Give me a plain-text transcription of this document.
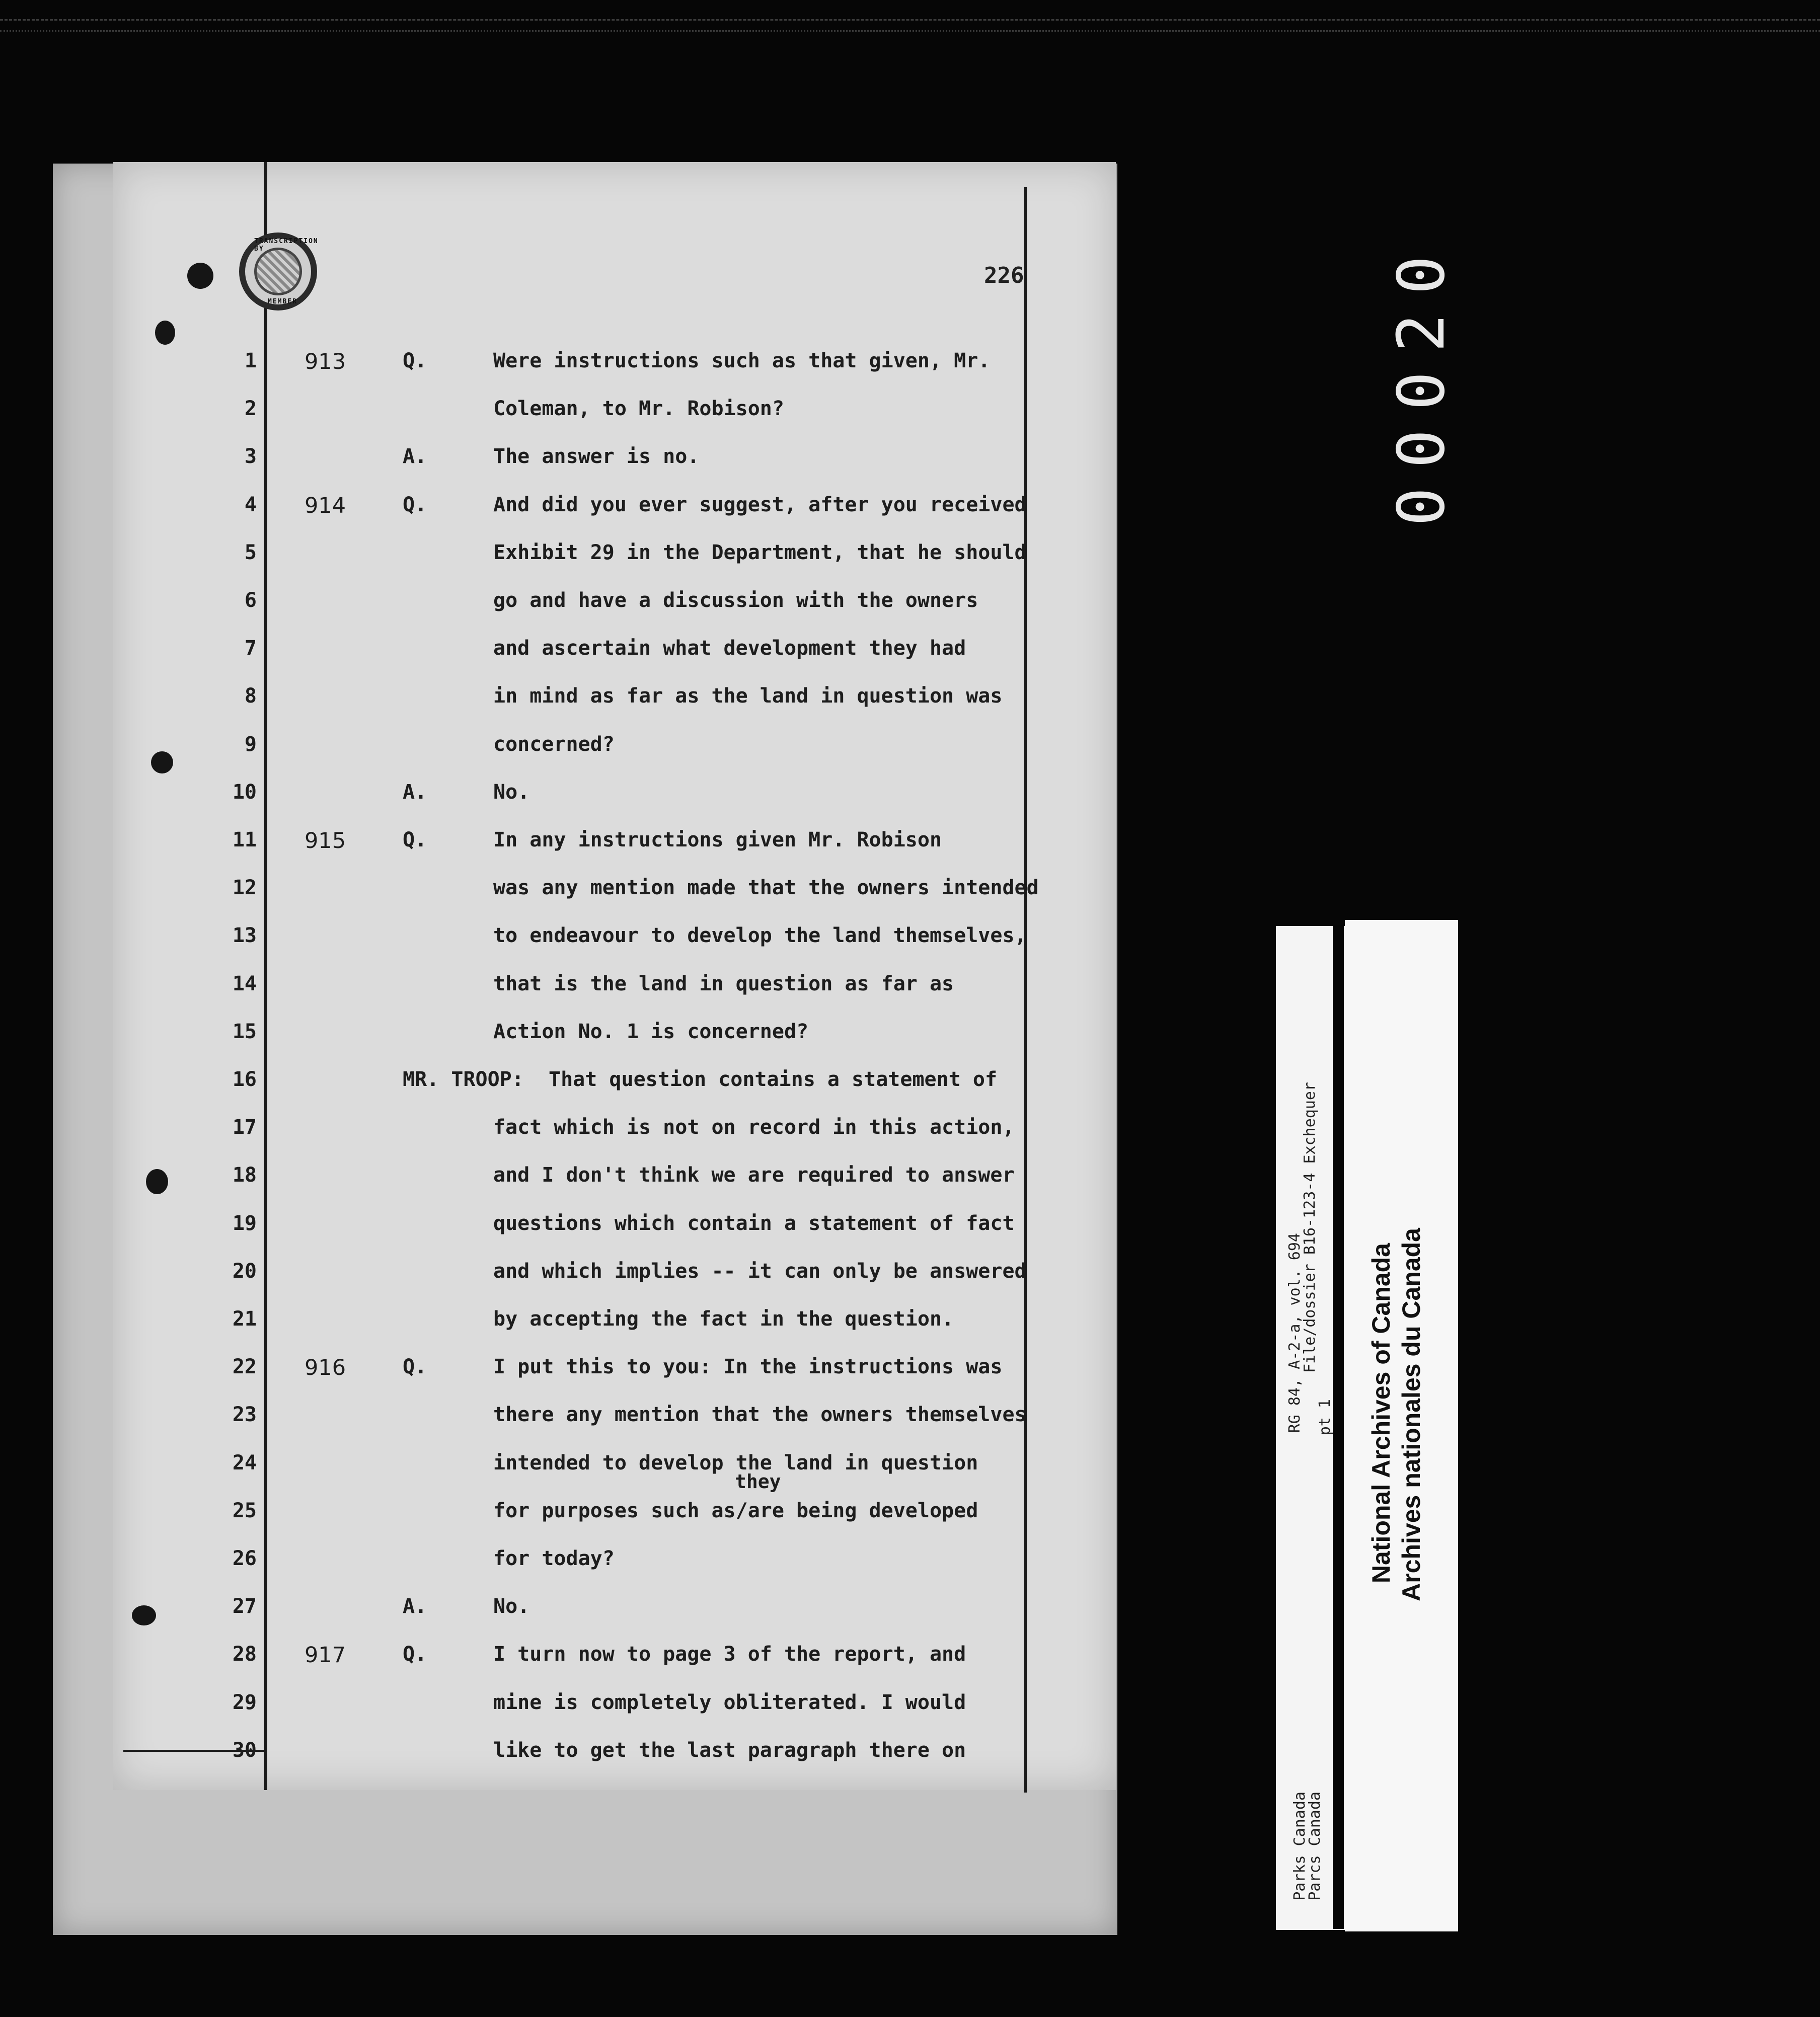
TRANSCRIPTION BY
MEMBER
226
1 913	Q.	Were instructions such as that given, Mr.
2	Coleman, to Mr. Robison?
3	A.	The answer is no.
4 914	Q.	And did you ever suggest, after you received
5	Exhibit 29 in the Department, that he should
6	go and have a discussion with the owners
7	and ascertain what development they had
8	in mind as far as the land in question was
9	concerned?
10	A.	No.
11 915	Q.	In any instructions given Mr. Robison
12	was any mention made that the owners intended
13	to endeavour to develop the land themselves,
14	that is the land in question as far as
15	Action No. 1 is concerned?
16	MR. TROOP: That question contains a statement of
17	fact which is not on record in this action,
18	and I don't think we are required to answer
19	questions which contain a statement of fact
20	and which implies -- it can only be answered
21	by accepting the fact in the question.
22 916	Q.	I put this to you: In the instructions was
23	there any mention that the owners themselves
24	intended to develop the land in question
25	for purposes such as/are being developed
26	for today?
27	A.	No.
28 917	Q.	I turn now to page 3 of the report, and
29	mine is completely obliterated. I would
30	like to get the last paragraph there on
they
00020
RG 84, A-2-a, vol. 694
File/dossier B16-123-4 Exchequer
pt 1
Parks Canada
Parcs Canada
National Archives of Canada Archives nationales du Canada
